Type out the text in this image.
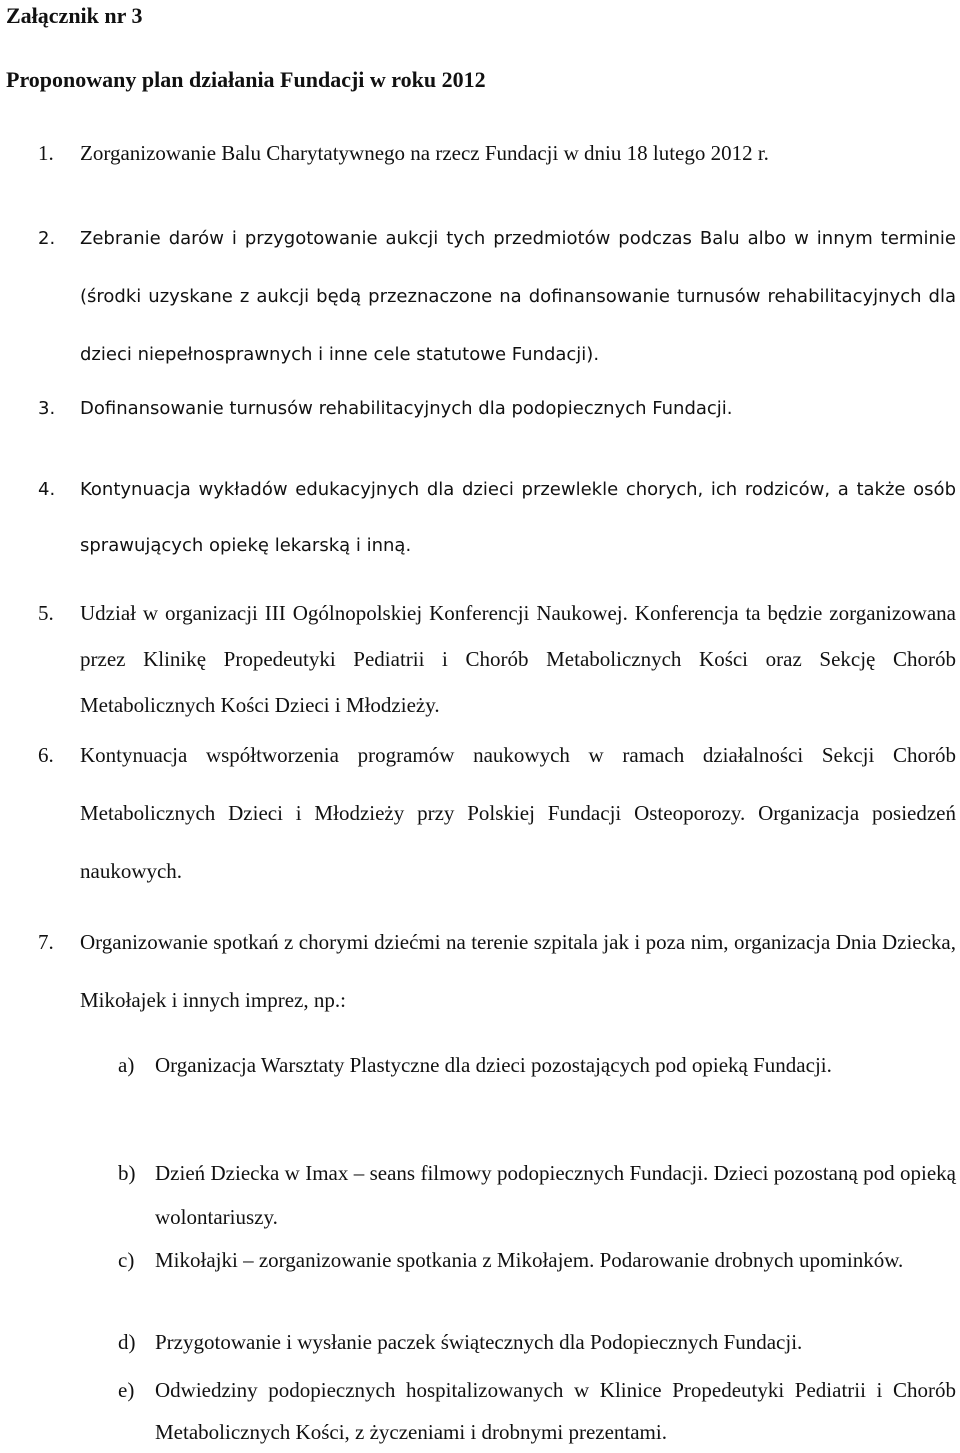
Załącznik nr 3
Proponowany plan działania Fundacji w roku 2012
1.	Zorganizowanie Balu Charytatywnego na rzecz Fundacji w dniu 18 lutego 2012 r.
2.	Zebranie darów i przygotowanie aukcji tych przedmiotów podczas Balu albo w innym terminie (środki uzyskane z aukcji będą przeznaczone na dofinansowanie turnusów rehabilitacyjnych dla dzieci niepełnosprawnych i inne cele statutowe Fundacji).
3.	Dofinansowanie turnusów rehabilitacyjnych dla podopiecznych Fundacji.
4.	Kontynuacja wykładów edukacyjnych dla dzieci przewlekle chorych, ich rodziców, a także osób sprawujących opiekę lekarską i inną.
5.	Udział w organizacji III Ogólnopolskiej Konferencji Naukowej. Konferencja ta będzie zorganizowana przez Klinikę Propedeutyki Pediatrii i Chorób Metabolicznych Kości oraz Sekcję Chorób Metabolicznych Kości Dzieci i Młodzieży.
6.	Kontynuacja współtworzenia programów naukowych w ramach działalności Sekcji Chorób Metabolicznych Dzieci i Młodzieży przy Polskiej Fundacji Osteoporozy. Organizacja posiedzeń naukowych.
7.	Organizowanie spotkań z chorymi dziećmi na terenie szpitala jak i poza nim, organizacja Dnia Dziecka, Mikołajek i innych imprez, np.:
a) Organizacja Warsztaty Plastyczne dla dzieci pozostających pod opieką Fundacji.
b) Dzień Dziecka w Imax – seans filmowy podopiecznych Fundacji. Dzieci pozostaną pod opieką wolontariuszy.
c) Mikołajki – zorganizowanie spotkania z Mikołajem. Podarowanie drobnych upominków.
d) Przygotowanie i wysłanie paczek świątecznych dla Podopiecznych Fundacji.
e) Odwiedziny podopiecznych hospitalizowanych w Klinice Propedeutyki Pediatrii i Chorób Metabolicznych Kości, z życzeniami i drobnymi prezentami.
